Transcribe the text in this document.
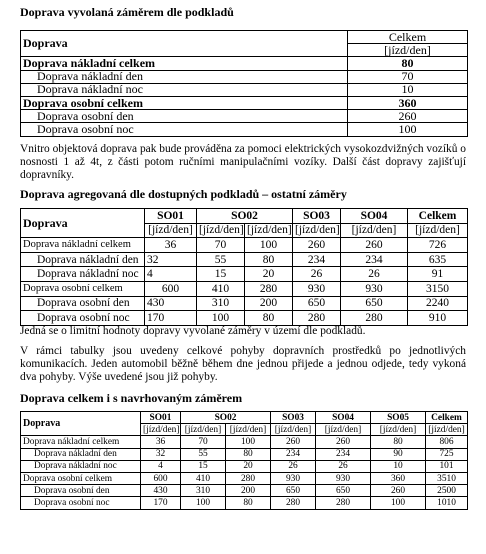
Doprava vyvolaná záměrem dle podkladů
Doprava	Celkem
	[jízd/den]
Doprava nákladní celkem	80
Doprava nákladní den	70
Doprava nákladní noc	10
Doprava osobní celkem	360
Doprava osobní den	260
Doprava osobní noc	100

Vnitro objektová doprava pak bude prováděna za pomoci elektrických vysokozdvižných vozíků o nosnosti 1 až 4t, z části potom ručními manipulačními vozíky. Další část dopravy zajišťují dopravníky.

Doprava agregovaná dle dostupných podkladů – ostatní záměry
Doprava	SO01	SO02		SO03	SO04	Celkem
	[jízd/den]	[jízd/den]	[jízd/den]	[jízd/den]	[jízd/den]	[jízd/den]
Doprava nákladní celkem	36	70	100	260	260	726
Doprava nákladní den	32	55	80	234	234	635
Doprava nákladní noc	4	15	20	26	26	91
Doprava osobní celkem	600	410	280	930	930	3150
Doprava osobní den	430	310	200	650	650	2240
Doprava osobní noc	170	100	80	280	280	910

Jedná se o limitní hodnoty dopravy vyvolané záměry v území dle podkladů.

V rámci tabulky jsou uvedeny celkové pohyby dopravních prostředků po jednotlivých komunikacích. Jeden automobil běžně během dne jednou přijede a jednou odjede, tedy vykoná dva pohyby. Výše uvedené jsou již pohyby.

Doprava celkem i s navrhovaným záměrem
Doprava	SO01	SO02		SO03	SO04	SO05	Celkem
	[jízd/den]	[jízd/den]	[jízd/den]	[jízd/den]	[jízd/den]	[jízd/den]	[jízd/den]
Doprava nákladní celkem	36	70	100	260	260	80	806
Doprava nákladní den	32	55	80	234	234	90	725
Doprava nákladní noc	4	15	20	26	26	10	101
Doprava osobní celkem	600	410	280	930	930	360	3510
Doprava osobní den	430	310	200	650	650	260	2500
Doprava osobní noc	170	100	80	280	280	100	1010
